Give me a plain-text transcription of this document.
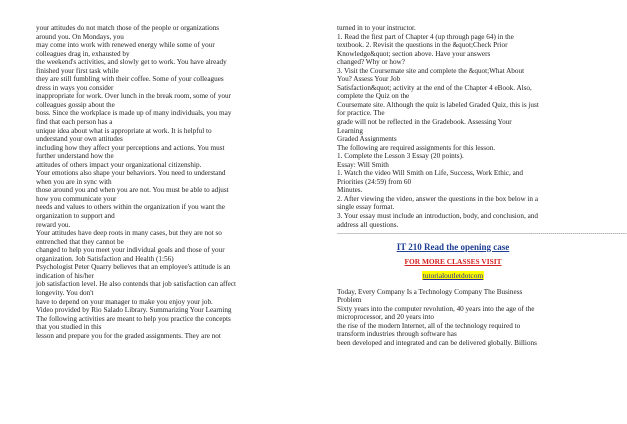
your attitudes do not match those of the people or organizations
around you. On Mondays, you
may come into work with renewed energy while some of your
colleagues drag in, exhausted by
the weekend's activities, and slowly get to work. You have already
finished your first task while
they are still fumbling with their coffee. Some of your colleagues
dress in ways you consider
inappropriate for work. Over lunch in the break room, some of your
colleagues gossip about the
boss. Since the workplace is made up of many individuals, you may
find that each person has a
unique idea about what is appropriate at work. It is helpful to
understand your own attitudes
including how they affect your perceptions and actions. You must
further understand how the
attitudes of others impact your organizational citizenship.
Your emotions also shape your behaviors. You need to understand
when you are in sync with
those around you and when you are not. You must be able to adjust
how you communicate your
needs and values to others within the organization if you want the
organization to support and
reward you.
Your attitudes have deep roots in many cases, but they are not so
entrenched that they cannot be
changed to help you meet your individual goals and those of your
organization. Job Satisfaction and Health (1:56)
Psychologist Peter Quarry believes that an employee's attitude is an
indication of his/her
job satisfaction level. He also contends that job satisfaction can affect
longevity. You don't
have to depend on your manager to make you enjoy your job.
Video provided by Rio Salado Library. Summarizing Your Learning
The following activities are meant to help you practice the concepts
that you studied in this
lesson and prepare you for the graded assignments. They are not
turned in to your instructor.
1. Read the first part of Chapter 4 (up through page 64) in the
textbook. 2. Revisit the questions in the &quot;Check Prior
Knowledge&quot; section above. Have your answers
changed? Why or how?
3. Visit the Coursemate site and complete the &quot;What About
You? Assess Your Job
Satisfaction&quot; activity at the end of the Chapter 4 eBook. Also,
complete the Quiz on the
Coursemate site. Although the quiz is labeled Graded Quiz, this is just
for practice. The
grade will not be reflected in the Gradebook. Assessing Your
Learning
Graded Assignments
The following are required assignments for this lesson.
1. Complete the Lesson 3 Essay (20 points).
Essay: Will Smith
1. Watch the video Will Smith on Life, Success, Work Ethic, and
Priorities (24:59) from 60
Minutes.
2. After viewing the video, answer the questions in the box below in a
single essay format.
3. Your essay must include an introduction, body, and conclusion, and
address all questions.
-------------------------------------------------------------------------------------------------------------------------------------------------
IT 210 Read the opening case
FOR MORE CLASSES VISIT
tutorialoutletdotcom
Today, Every Company Is a Technology Company The Business
Problem
Sixty years into the computer revolution, 40 years into the age of the
microprocessor, and 20 years into
the rise of the modern Internet, all of the technology required to
transform industries through software has
been developed and integrated and can be delivered globally. Billions
